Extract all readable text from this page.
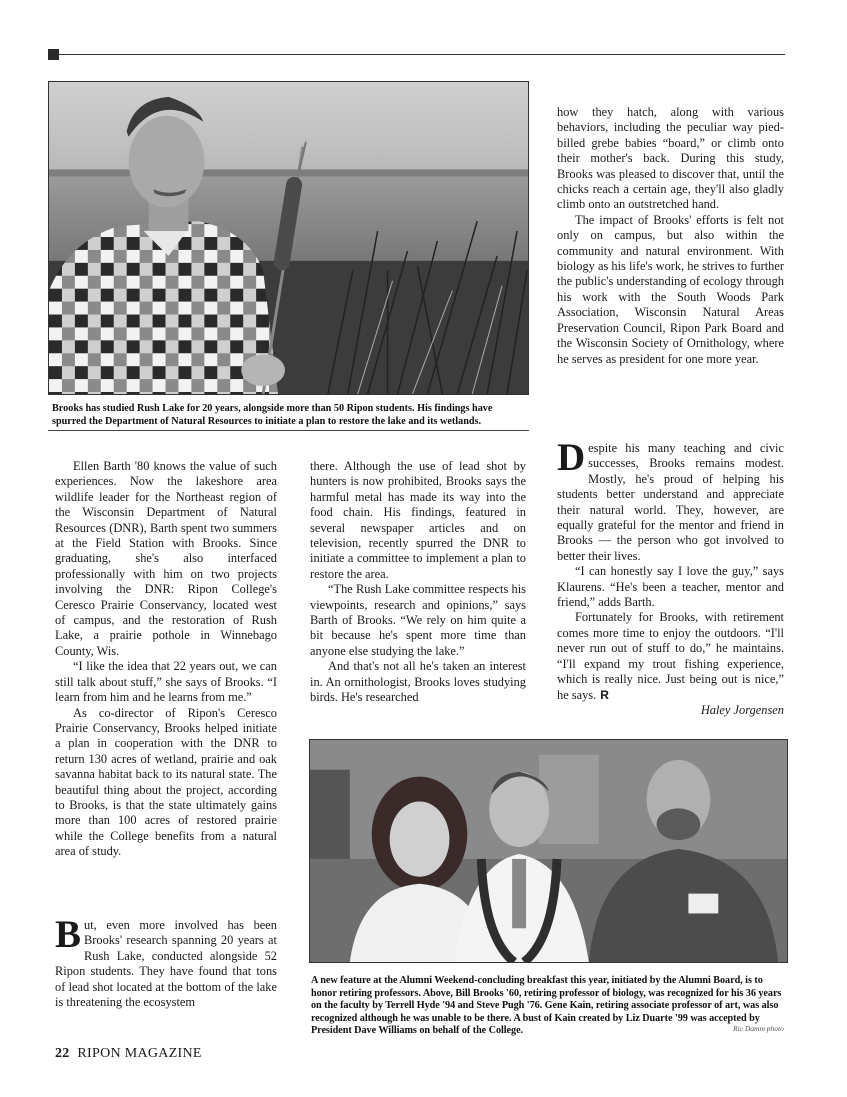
Brooks has studied Rush Lake for 20 years, alongside more than 50 Ripon students. His findings have spurred the Department of Natural Resources to initiate a plan to restore the lake and its wetlands.

how they hatch, along with various behaviors, including the peculiar way pied-billed grebe babies “board,” or climb onto their mother's back. During this study, Brooks was pleased to discover that, until the chicks reach a certain age, they'll also gladly climb onto an outstretched hand.

The impact of Brooks' efforts is felt not only on campus, but also within the community and natural environment. With biology as his life's work, he strives to further the public's understanding of ecology through his work with the South Woods Park Association, Wisconsin Natural Areas Preservation Council, Ripon Park Board and the Wisconsin Society of Ornithology, where he serves as president for one more year.

Ellen Barth '80 knows the value of such experiences. Now the lakeshore area wildlife leader for the Northeast region of the Wisconsin Department of Natural Resources (DNR), Barth spent two summers at the Field Station with Brooks. Since graduating, she's also interfaced professionally with him on two projects involving the DNR: Ripon College's Ceresco Prairie Conservancy, located west of campus, and the restoration of Rush Lake, a prairie pothole in Winnebago County, Wis.

“I like the idea that 22 years out, we can still talk about stuff,” she says of Brooks. “I learn from him and he learns from me.”

As co-director of Ripon's Ceresco Prairie Conservancy, Brooks helped initiate a plan in cooperation with the DNR to return 130 acres of wetland, prairie and oak savanna habitat back to its natural state. The beautiful thing about the project, according to Brooks, is that the state ultimately gains more than 100 acres of restored prairie while the College benefits from a natural area of study.

But, even more involved has been Brooks' research spanning 20 years at Rush Lake, conducted alongside 52 Ripon students. They have found that tons of lead shot located at the bottom of the lake is threatening the ecosystem

there. Although the use of lead shot by hunters is now prohibited, Brooks says the harmful metal has made its way into the food chain. His findings, featured in several newspaper articles and on television, recently spurred the DNR to initiate a committee to implement a plan to restore the area.

“The Rush Lake committee respects his viewpoints, research and opinions,” says Barth of Brooks. “We rely on him quite a bit because he's spent more time than anyone else studying the lake.”

And that's not all he's taken an interest in. An ornithologist, Brooks loves studying birds. He's researched

Despite his many teaching and civic successes, Brooks remains modest. Mostly, he's proud of helping his students better understand and appreciate their natural world. They, however, are equally grateful for the mentor and friend in Brooks — the person who got involved to better their lives.

“I can honestly say I love the guy,” says Klaurens. “He's been a teacher, mentor and friend,” adds Barth.

Fortunately for Brooks, with retirement comes more time to enjoy the outdoors. “I'll never run out of stuff to do,” he maintains. “I'll expand my trout fishing experience, which is really nice. Just being out is nice,” he says. R

Haley Jorgensen

A new feature at the Alumni Weekend-concluding breakfast this year, initiated by the Alumni Board, is to honor retiring professors. Above, Bill Brooks '60, retiring professor of biology, was recognized for his 36 years on the faculty by Terrell Hyde '94 and Steve Pugh '76. Gene Kain, retiring associate professor of art, was also recognized although he was unable to be there. A bust of Kain created by Liz Duarte '99 was accepted by President Dave Williams on behalf of the College.	Ric Damm photo
22 RIPON MAGAZINE
